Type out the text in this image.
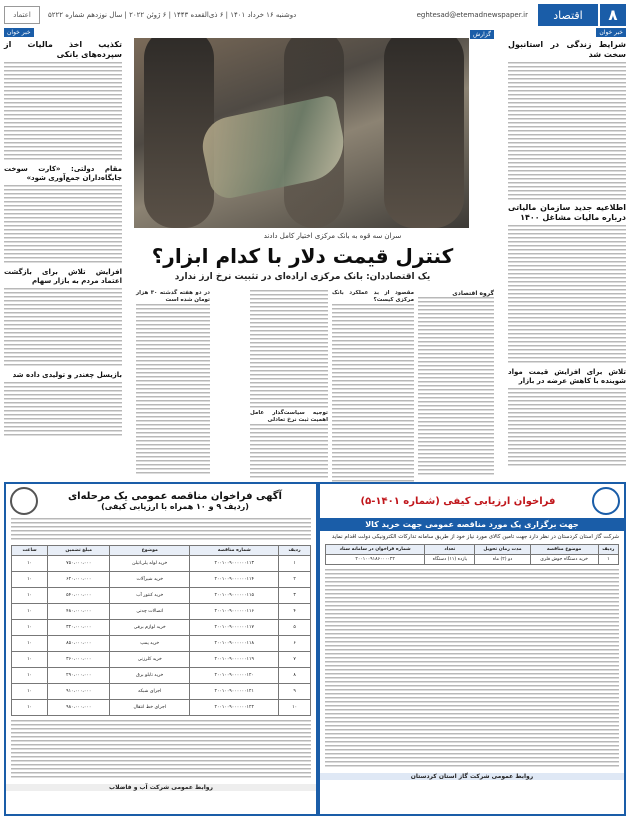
۸
اقتصاد
eghtesad@etemadnewspaper.ir
دوشنبه ۱۶ خرداد ۱۴۰۱ | ۶ ذی‌القعده ۱۴۴۳ | ۶ ژوئن ۲۰۲۲ | سال نوزدهم شماره ۵۲۲۲
اعتماد
خبر خوان
شرایط زندگی در استانبول سخت شد
اطلاعیه جدید سازمان مالیاتی درباره مالیات مشاغل ۱۴۰۰
تلاش برای افزایش قیمت مواد شوینده با کاهش عرضه در بازار
خبر خوان
تکذیب اخذ مالیات از سپرده‌های بانکی
مقام دولتی: «کارت سوخت جایگاه‌داران جمع‌آوری شود»
افزایش تلاش برای بازگشت اعتماد مردم به بازار سهام
بازیسل چغندر و تولیدی داده شد
گزارش
سران سه قوه به بانک مرکزی اختیار کامل دادند
کنترل قیمت دلار با کدام ابزار؟
یک اقتصاددان: بانک مرکزی اراده‌ای در تثبیت نرخ ارز ندارد
گروه اقتصادی
مقصود از بد عملکرد بانک مرکزی کیست؟
توجیه سیاست‌گذار عامل اهمیت ثبت نرخ تعادلی
در دو هفته گذشته ۳۰ هزار تومان شده است
فراخوان ارزیابی کیفی (شماره ۱۴۰۱-۵)
جهت برگزاری یک مورد مناقصه عمومی جهت خرید کالا
شرکت گاز استان کردستان در نظر دارد جهت تامین کالای مورد نیاز خود از طریق سامانه تدارکات الکترونیکی دولت اقدام نماید
ردیف	موضوع مناقصه	مدت زمان تحویل	تعداد	شماره فراخوان در سامانه ستاد
۱	خرید دستگاه جوش فلزی	دو (۲) ماه	یازده (۱۱) دستگاه	۲۰۰۱۰۰۹۱۸۶۰۰۰۰۲۲
روابط عمومی شرکت گاز استان کردستان
آگهی فراخوان مناقصه عمومی یک مرحله‌ای
(ردیف ۹ و ۱۰ همراه با ارزیابی کیفی)
ردیف	شماره مناقصه	موضوع	مبلغ تضمین	ساعت
۱	۲۰۰۱۰۰۹۰۰۰۰۰۰۱۱۳	خرید لوله پلی‌اتیلن	۷۵۰،۰۰۰،۰۰۰	۱۰
۲	۲۰۰۱۰۰۹۰۰۰۰۰۰۱۱۴	خرید شیرآلات	۶۲۰،۰۰۰،۰۰۰	۱۰
۳	۲۰۰۱۰۰۹۰۰۰۰۰۰۱۱۵	خرید کنتور آب	۵۴۰،۰۰۰،۰۰۰	۱۰
۴	۲۰۰۱۰۰۹۰۰۰۰۰۰۱۱۶	اتصالات چدنی	۴۸۰،۰۰۰،۰۰۰	۱۰
۵	۲۰۰۱۰۰۹۰۰۰۰۰۰۱۱۷	خرید لوازم برقی	۳۲۰،۰۰۰،۰۰۰	۱۰
۶	۲۰۰۱۰۰۹۰۰۰۰۰۰۱۱۸	خرید پمپ	۸۵۰،۰۰۰،۰۰۰	۱۰
۷	۲۰۰۱۰۰۹۰۰۰۰۰۰۱۱۹	خرید کلرزنی	۳۶۰،۰۰۰،۰۰۰	۱۰
۸	۲۰۰۱۰۰۹۰۰۰۰۰۰۱۲۰	خرید تابلو برق	۲۹۰،۰۰۰،۰۰۰	۱۰
۹	۲۰۰۱۰۰۹۰۰۰۰۰۰۱۲۱	اجرای شبکه	۹۱۰،۰۰۰،۰۰۰	۱۰
۱۰	۲۰۰۱۰۰۹۰۰۰۰۰۰۱۲۲	اجرای خط انتقال	۹۸۰،۰۰۰،۰۰۰	۱۰
روابط عمومی شرکت آب و فاضلاب
